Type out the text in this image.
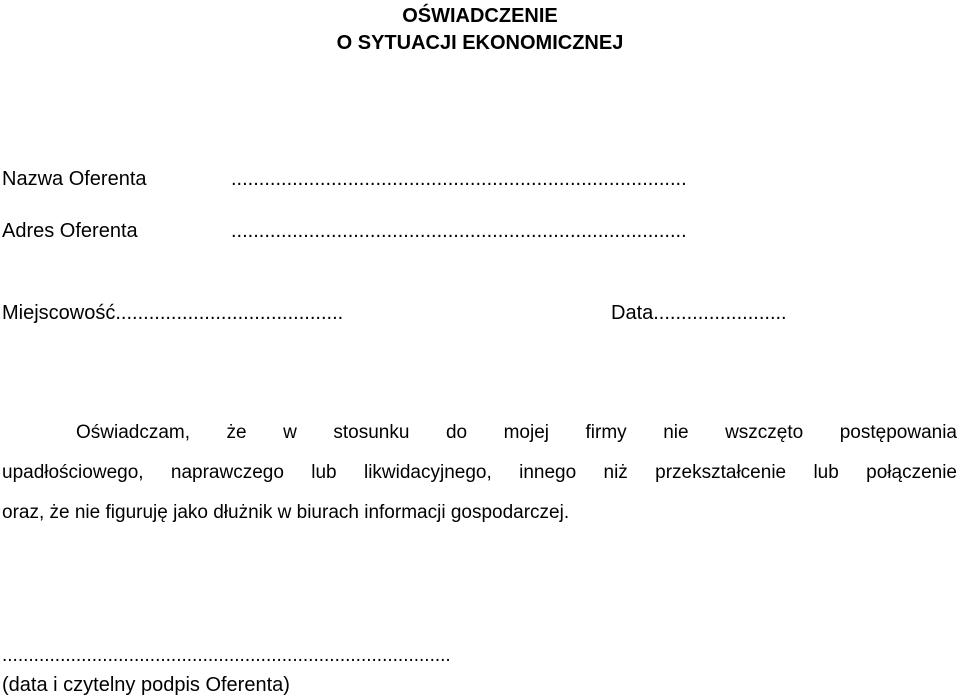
OŚWIADCZENIE
O SYTUACJI EKONOMICZNEJ
Nazwa Oferenta	..................................................................................
Adres Oferenta	..................................................................................
Miejscowość.........................................	Data........................
Oświadczam, że w stosunku do mojej firmy nie wszczęto postępowania
upadłościowego, naprawczego lub likwidacyjnego, innego niż przekształcenie lub połączenie
oraz, że nie figuruję jako dłużnik w biurach informacji gospodarczej.
.....................................................................................
(data i czytelny podpis Oferenta)
